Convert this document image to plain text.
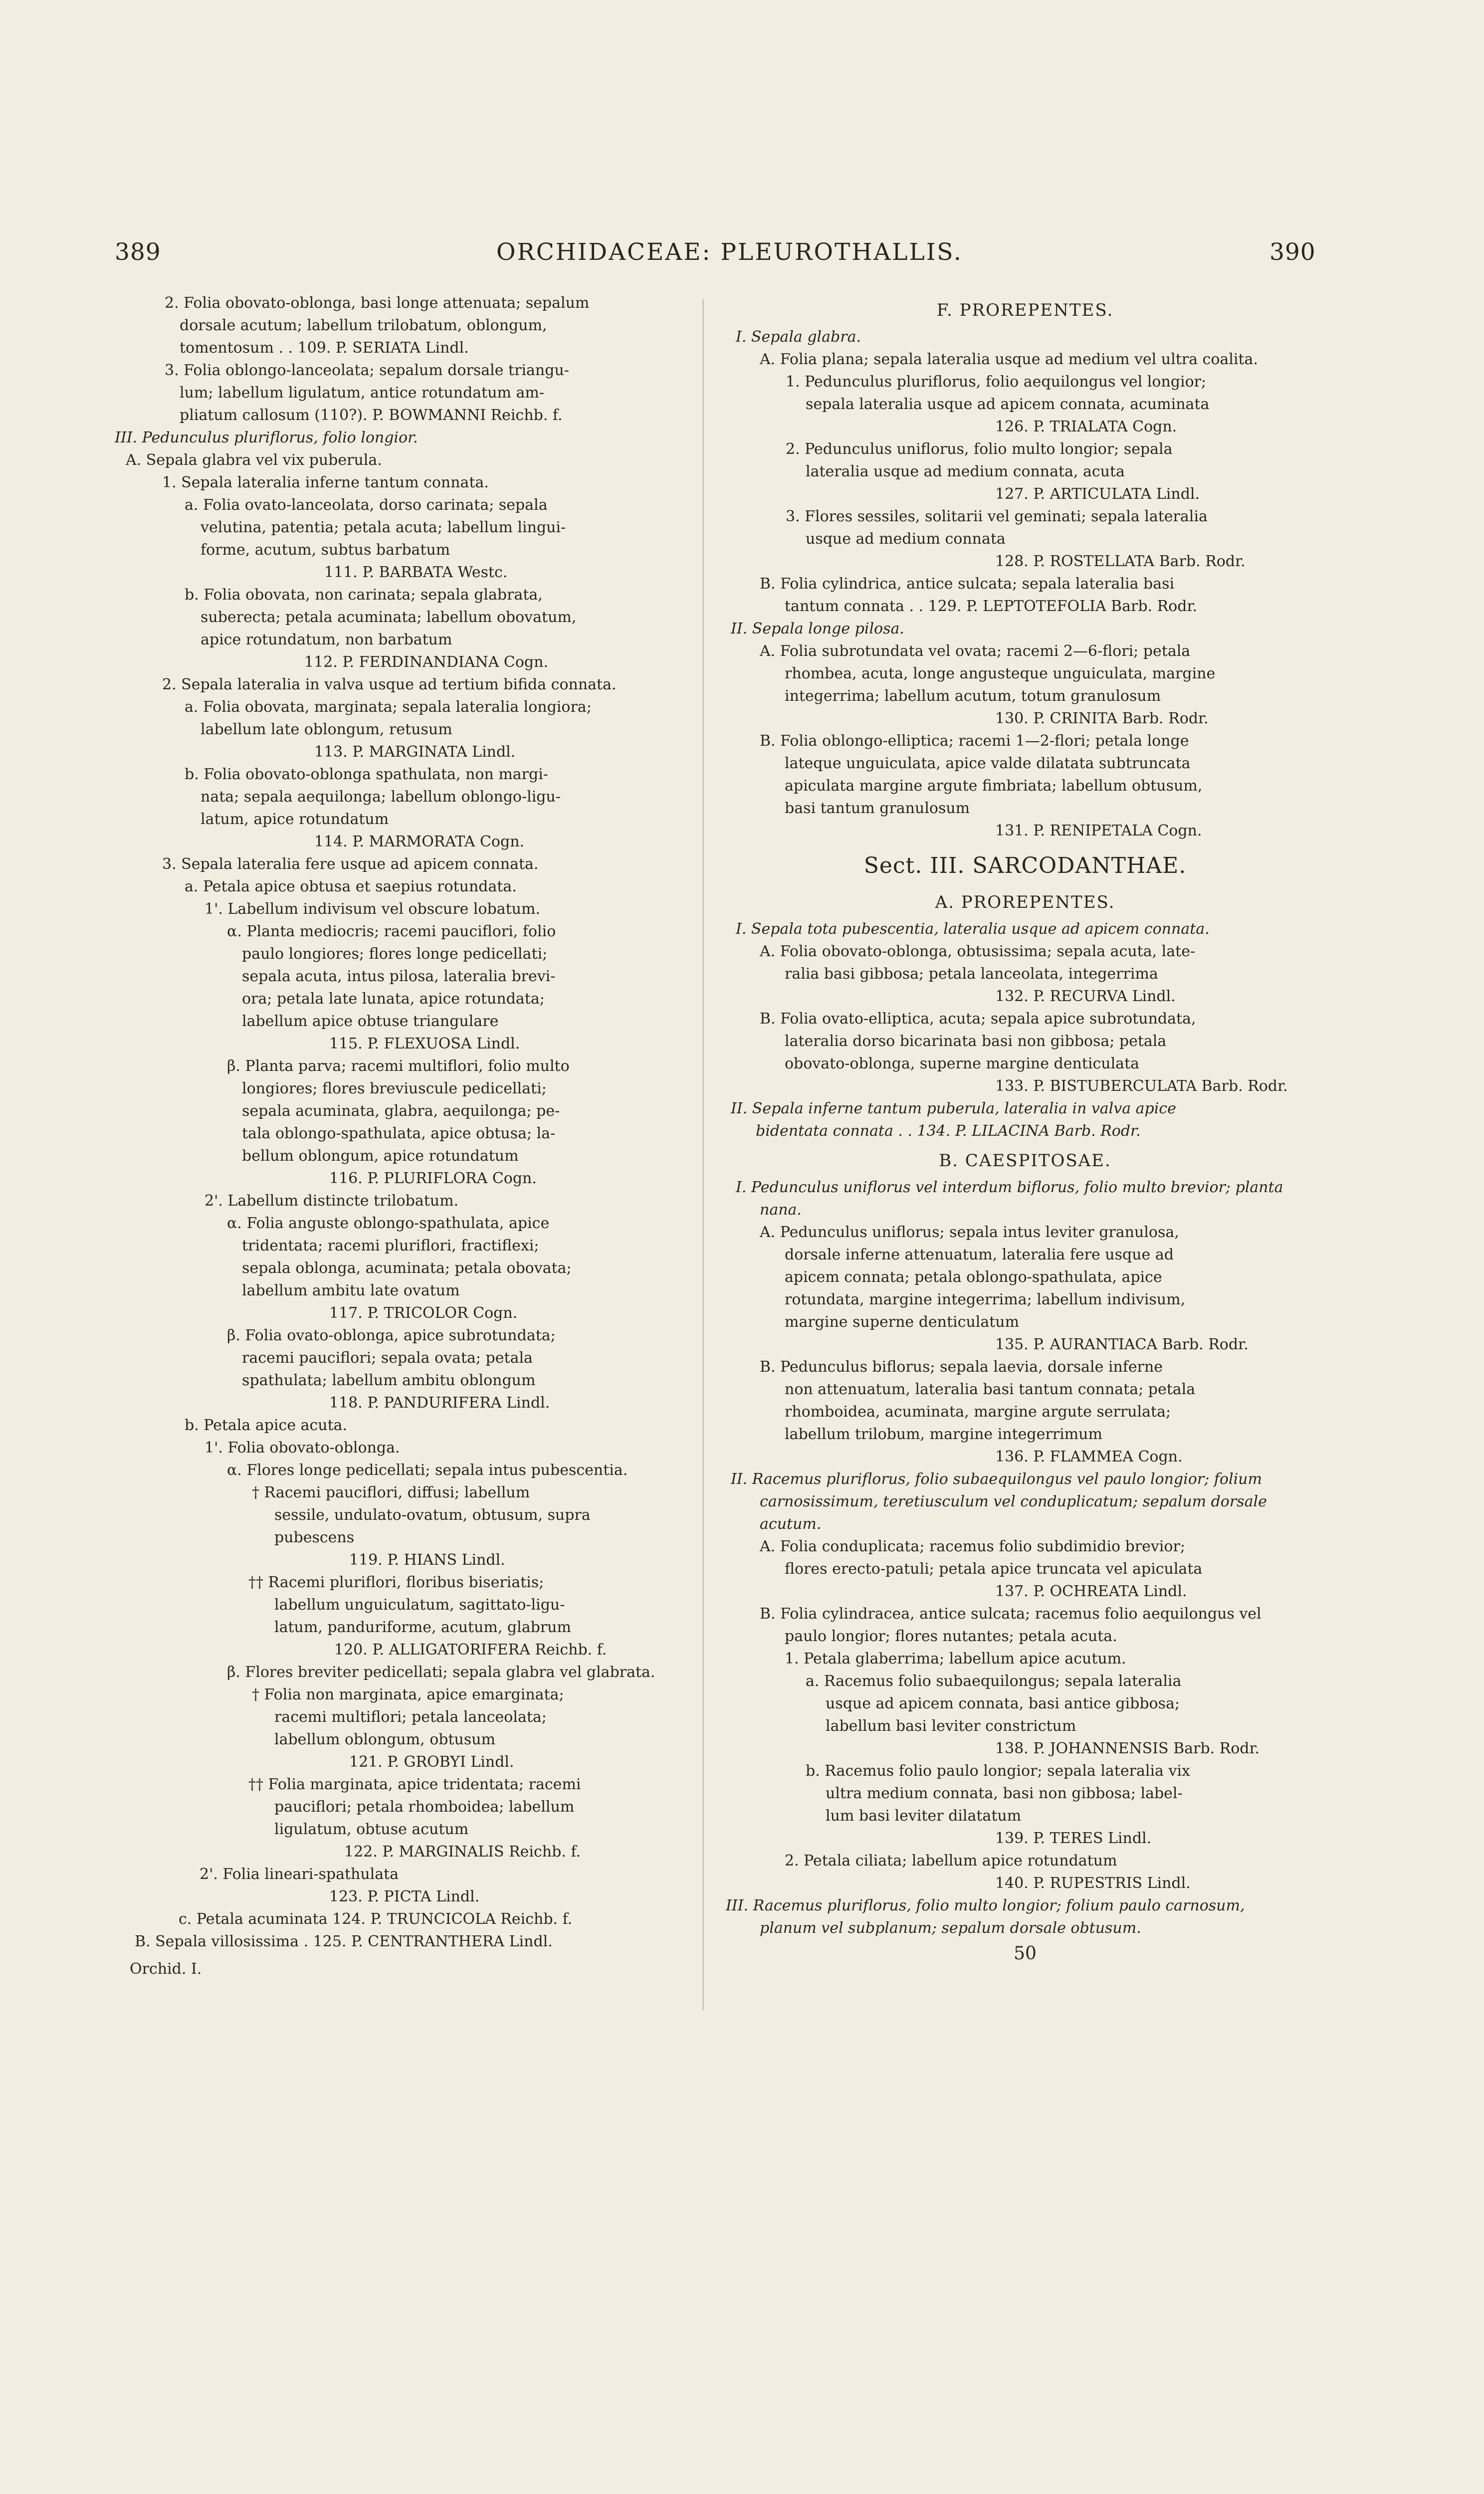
389	ORCHIDACEAE: PLEUROTHALLIS.	390
2. Folia obovato-oblonga, basi longe attenuata; sepalum
dorsale acutum; labellum trilobatum, oblongum,
tomentosum . . 109. P. SERIATA Lindl.
3. Folia oblongo-lanceolata; sepalum dorsale triangu-
lum; labellum ligulatum, antice rotundatum am-
pliatum callosum (110?). P. BOWMANNI Reichb. f.
III. Pedunculus pluriflorus, folio longior.
A. Sepala glabra vel vix puberula.
1. Sepala lateralia inferne tantum connata.
a. Folia ovato-lanceolata, dorso carinata; sepala
velutina, patentia; petala acuta; labellum lingui-
forme, acutum, subtus barbatum
111. P. BARBATA Westc.
b. Folia obovata, non carinata; sepala glabrata,
suberecta; petala acuminata; labellum obovatum,
apice rotundatum, non barbatum
112. P. FERDINANDIANA Cogn.
2. Sepala lateralia in valva usque ad tertium bifida connata.
a. Folia obovata, marginata; sepala lateralia longiora;
labellum late oblongum, retusum
113. P. MARGINATA Lindl.
b. Folia obovato-oblonga spathulata, non margi-
nata; sepala aequilonga; labellum oblongo-ligu-
latum, apice rotundatum
114. P. MARMORATA Cogn.
3. Sepala lateralia fere usque ad apicem connata.
a. Petala apice obtusa et saepius rotundata.
1'. Labellum indivisum vel obscure lobatum.
α. Planta mediocris; racemi pauciflori, folio
paulo longiores; flores longe pedicellati;
sepala acuta, intus pilosa, lateralia brevi-
ora; petala late lunata, apice rotundata;
labellum apice obtuse triangulare
115. P. FLEXUOSA Lindl.
β. Planta parva; racemi multiflori, folio multo
longiores; flores breviuscule pedicellati;
sepala acuminata, glabra, aequilonga; pe-
tala oblongo-spathulata, apice obtusa; la-
bellum oblongum, apice rotundatum
116. P. PLURIFLORA Cogn.
2'. Labellum distincte trilobatum.
α. Folia anguste oblongo-spathulata, apice
tridentata; racemi pluriflori, fractiflexi;
sepala oblonga, acuminata; petala obovata;
labellum ambitu late ovatum
117. P. TRICOLOR Cogn.
β. Folia ovato-oblonga, apice subrotundata;
racemi pauciflori; sepala ovata; petala
spathulata; labellum ambitu oblongum
118. P. PANDURIFERA Lindl.
b. Petala apice acuta.
1'. Folia obovato-oblonga.
α. Flores longe pedicellati; sepala intus pubescentia.
† Racemi pauciflori, diffusi; labellum
sessile, undulato-ovatum, obtusum, supra
pubescens
119. P. HIANS Lindl.
†† Racemi pluriflori, floribus biseriatis;
labellum unguiculatum, sagittato-ligu-
latum, panduriforme, acutum, glabrum
120. P. ALLIGATORIFERA Reichb. f.
β. Flores breviter pedicellati; sepala glabra vel glabrata.
† Folia non marginata, apice emarginata;
racemi multiflori; petala lanceolata;
labellum oblongum, obtusum
121. P. GROBYI Lindl.
†† Folia marginata, apice tridentata; racemi
pauciflori; petala rhomboidea; labellum
ligulatum, obtuse acutum
122. P. MARGINALIS Reichb. f.
2'. Folia lineari-spathulata
123. P. PICTA Lindl.
c. Petala acuminata 124. P. TRUNCICOLA Reichb. f.
B. Sepala villosissima . 125. P. CENTRANTHERA Lindl.
Orchid. I.
F. PROREPENTES.
I. Sepala glabra.
A. Folia plana; sepala lateralia usque ad medium vel ultra coalita.
1. Pedunculus pluriflorus, folio aequilongus vel longior;
sepala lateralia usque ad apicem connata, acuminata
126. P. TRIALATA Cogn.
2. Pedunculus uniflorus, folio multo longior; sepala
lateralia usque ad medium connata, acuta
127. P. ARTICULATA Lindl.
3. Flores sessiles, solitarii vel geminati; sepala lateralia
usque ad medium connata
128. P. ROSTELLATA Barb. Rodr.
B. Folia cylindrica, antice sulcata; sepala lateralia basi
tantum connata . . 129. P. LEPTOTEFOLIA Barb. Rodr.
II. Sepala longe pilosa.
A. Folia subrotundata vel ovata; racemi 2—6-flori; petala
rhombea, acuta, longe angusteque unguiculata, margine
integerrima; labellum acutum, totum granulosum
130. P. CRINITA Barb. Rodr.
B. Folia oblongo-elliptica; racemi 1—2-flori; petala longe
lateque unguiculata, apice valde dilatata subtruncata
apiculata margine argute fimbriata; labellum obtusum,
basi tantum granulosum
131. P. RENIPETALA Cogn.
Sect. III. SARCODANTHAE.
A. PROREPENTES.
I. Sepala tota pubescentia, lateralia usque ad apicem connata.
A. Folia obovato-oblonga, obtusissima; sepala acuta, late-
ralia basi gibbosa; petala lanceolata, integerrima
132. P. RECURVA Lindl.
B. Folia ovato-elliptica, acuta; sepala apice subrotundata,
lateralia dorso bicarinata basi non gibbosa; petala
obovato-oblonga, superne margine denticulata
133. P. BISTUBERCULATA Barb. Rodr.
II. Sepala inferne tantum puberula, lateralia in valva apice
bidentata connata . . 134. P. LILACINA Barb. Rodr.
B. CAESPITOSAE.
I. Pedunculus uniflorus vel interdum biflorus, folio multo brevior; planta
nana.
A. Pedunculus uniflorus; sepala intus leviter granulosa,
dorsale inferne attenuatum, lateralia fere usque ad
apicem connata; petala oblongo-spathulata, apice
rotundata, margine integerrima; labellum indivisum,
margine superne denticulatum
135. P. AURANTIACA Barb. Rodr.
B. Pedunculus biflorus; sepala laevia, dorsale inferne
non attenuatum, lateralia basi tantum connata; petala
rhomboidea, acuminata, margine argute serrulata;
labellum trilobum, margine integerrimum
136. P. FLAMMEA Cogn.
II. Racemus pluriflorus, folio subaequilongus vel paulo longior; folium
carnosissimum, teretiusculum vel conduplicatum; sepalum dorsale
acutum.
A. Folia conduplicata; racemus folio subdimidio brevior;
flores erecto-patuli; petala apice truncata vel apiculata
137. P. OCHREATA Lindl.
B. Folia cylindracea, antice sulcata; racemus folio aequilongus vel
paulo longior; flores nutantes; petala acuta.
1. Petala glaberrima; labellum apice acutum.
a. Racemus folio subaequilongus; sepala lateralia
usque ad apicem connata, basi antice gibbosa;
labellum basi leviter constrictum
138. P. JOHANNENSIS Barb. Rodr.
b. Racemus folio paulo longior; sepala lateralia vix
ultra medium connata, basi non gibbosa; label-
lum basi leviter dilatatum
139. P. TERES Lindl.
2. Petala ciliata; labellum apice rotundatum
140. P. RUPESTRIS Lindl.
III. Racemus pluriflorus, folio multo longior; folium paulo carnosum,
planum vel subplanum; sepalum dorsale obtusum.
50
